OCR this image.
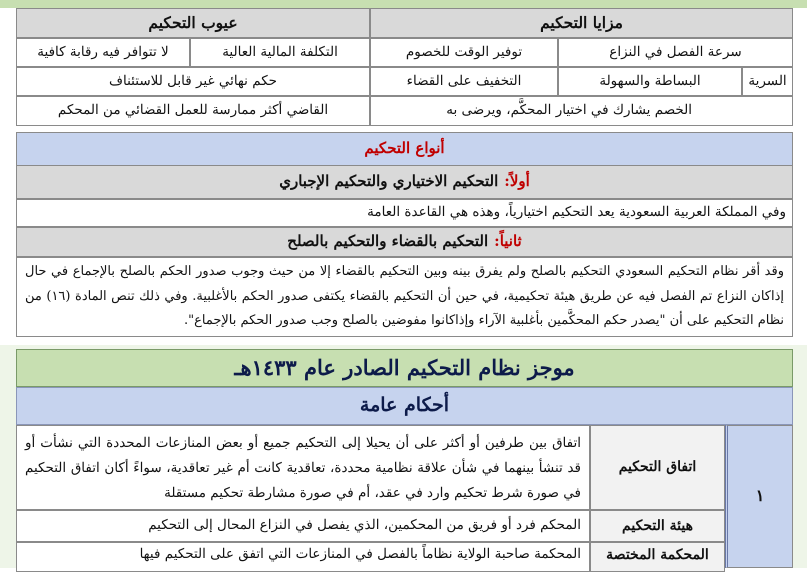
مزايا التحكيم
عيوب التحكيم
سرعة الفصل في النزاع
توفير الوقت للخصوم
التكلفة المالية العالية
لا تتوافر فيه رقابة كافية
السرية
البساطة والسهولة
التخفيف على القضاء
حكم نهائي غير قابل للاستئناف
الخصم يشارك في اختيار المحكَّم، ويرضى به
القاضي أكثر ممارسة للعمل القضائي من المحكم
أنواع التحكيم
أولاً:
التحكيم الاختياري والتحكيم الإجباري
وفي المملكة العربية السعودية يعد التحكيم اختيارياً، وهذه هي القاعدة العامة
ثانياً:
التحكيم بالقضاء والتحكيم بالصلح
وقد أقر نظام التحكيم السعودي التحكيم بالصلح ولم يفرق بينه وبين التحكيم بالقضاء إلا من حيث وجوب صدور الحكم بالصلح بالإجماع في حال إذاكان النزاع تم الفصل فيه عن طريق هيئة تحكيمية، في حين أن التحكيم بالقضاء يكتفى صدور الحكم بالأغلبية. وفي ذلك تنص المادة (١٦) من نظام التحكيم على أن "يصدر حكم المحكَّمين بأغلبية الآراء وإذاكانوا مفوضين بالصلح وجب صدور الحكم بالإجماع".
موجز نظام التحكيم الصادر عام ١٤٣٣هـ
أحكام عامة
١
اتفاق التحكيم
اتفاق بين طرفين أو أكثر على أن يحيلا إلى التحكيم جميع أو بعض المنازعات المحددة التي نشأت أو قد تنشأ بينهما في شأن علاقة نظامية محددة، تعاقدية كانت أم غير تعاقدية، سواءً أكان اتفاق التحكيم في صورة شرط تحكيم وارد في عقد، أم في صورة مشارطة تحكيم مستقلة
هيئة التحكيم
المحكم فرد أو فريق من المحكمين، الذي يفصل في النزاع المحال إلى التحكيم
المحكمة المختصة
المحكمة صاحبة الولاية نظاماً بالفصل في المنازعات التي اتفق على التحكيم فيها
